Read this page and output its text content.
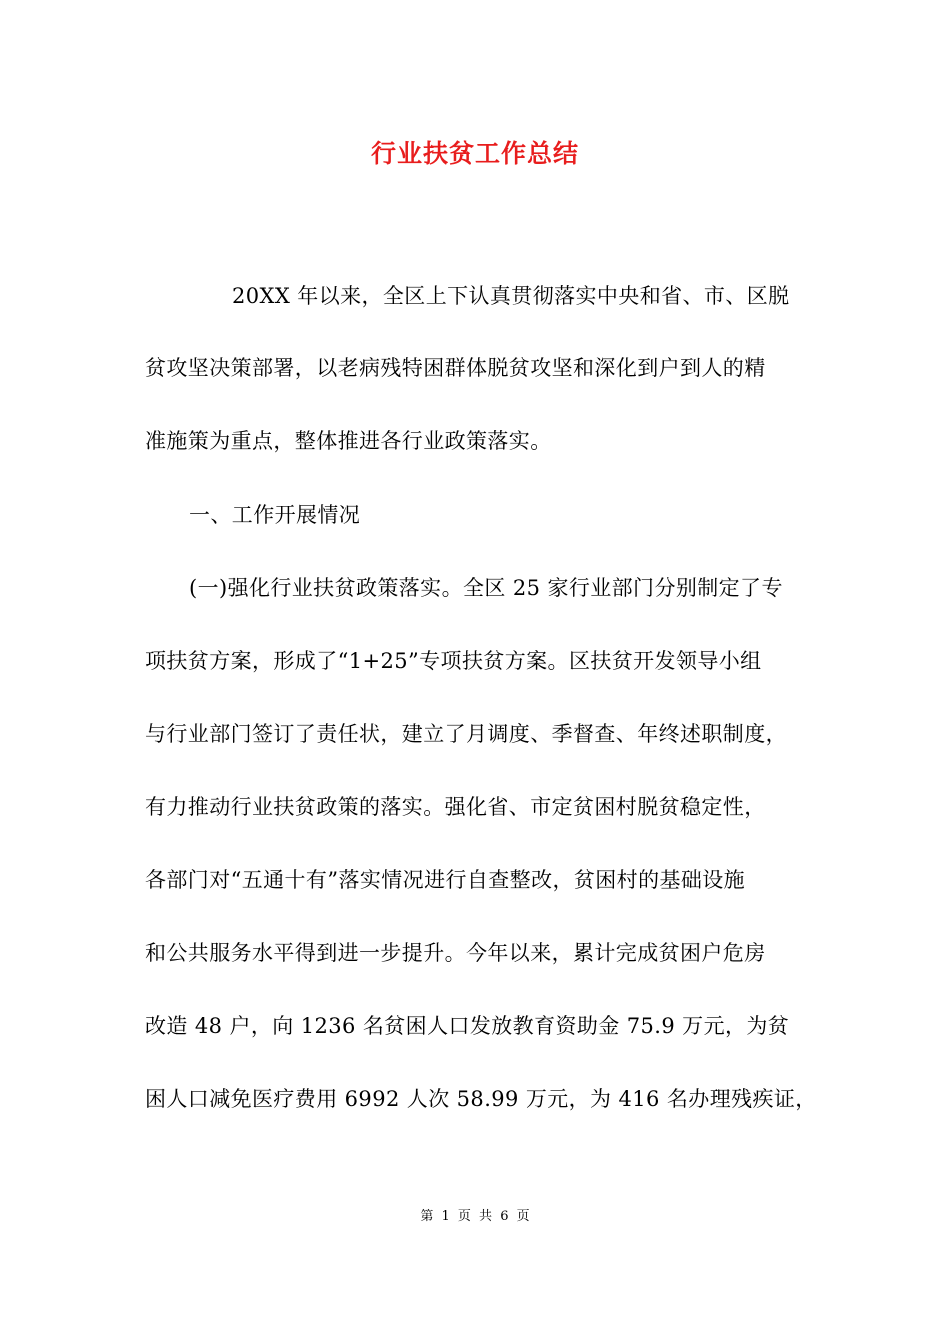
行业扶贫工作总结
20XX 年以来，全区上下认真贯彻落实中央和省、市、区脱
贫攻坚决策部署，以老病残特困群体脱贫攻坚和深化到户到人的精
准施策为重点，整体推进各行业政策落实。
一、工作开展情况
(一)强化行业扶贫政策落实。全区 25 家行业部门分别制定了专
项扶贫方案，形成了“1+25”专项扶贫方案。区扶贫开发领导小组
与行业部门签订了责任状，建立了月调度、季督查、年终述职制度，
有力推动行业扶贫政策的落实。强化省、市定贫困村脱贫稳定性，
各部门对“五通十有”落实情况进行自查整改，贫困村的基础设施
和公共服务水平得到进一步提升。今年以来，累计完成贫困户危房
改造 48 户，向 1236 名贫困人口发放教育资助金 75.9 万元，为贫
困人口减免医疗费用 6992 人次 58.99 万元，为 416 名办理残疾证，
第 1 页 共 6 页
